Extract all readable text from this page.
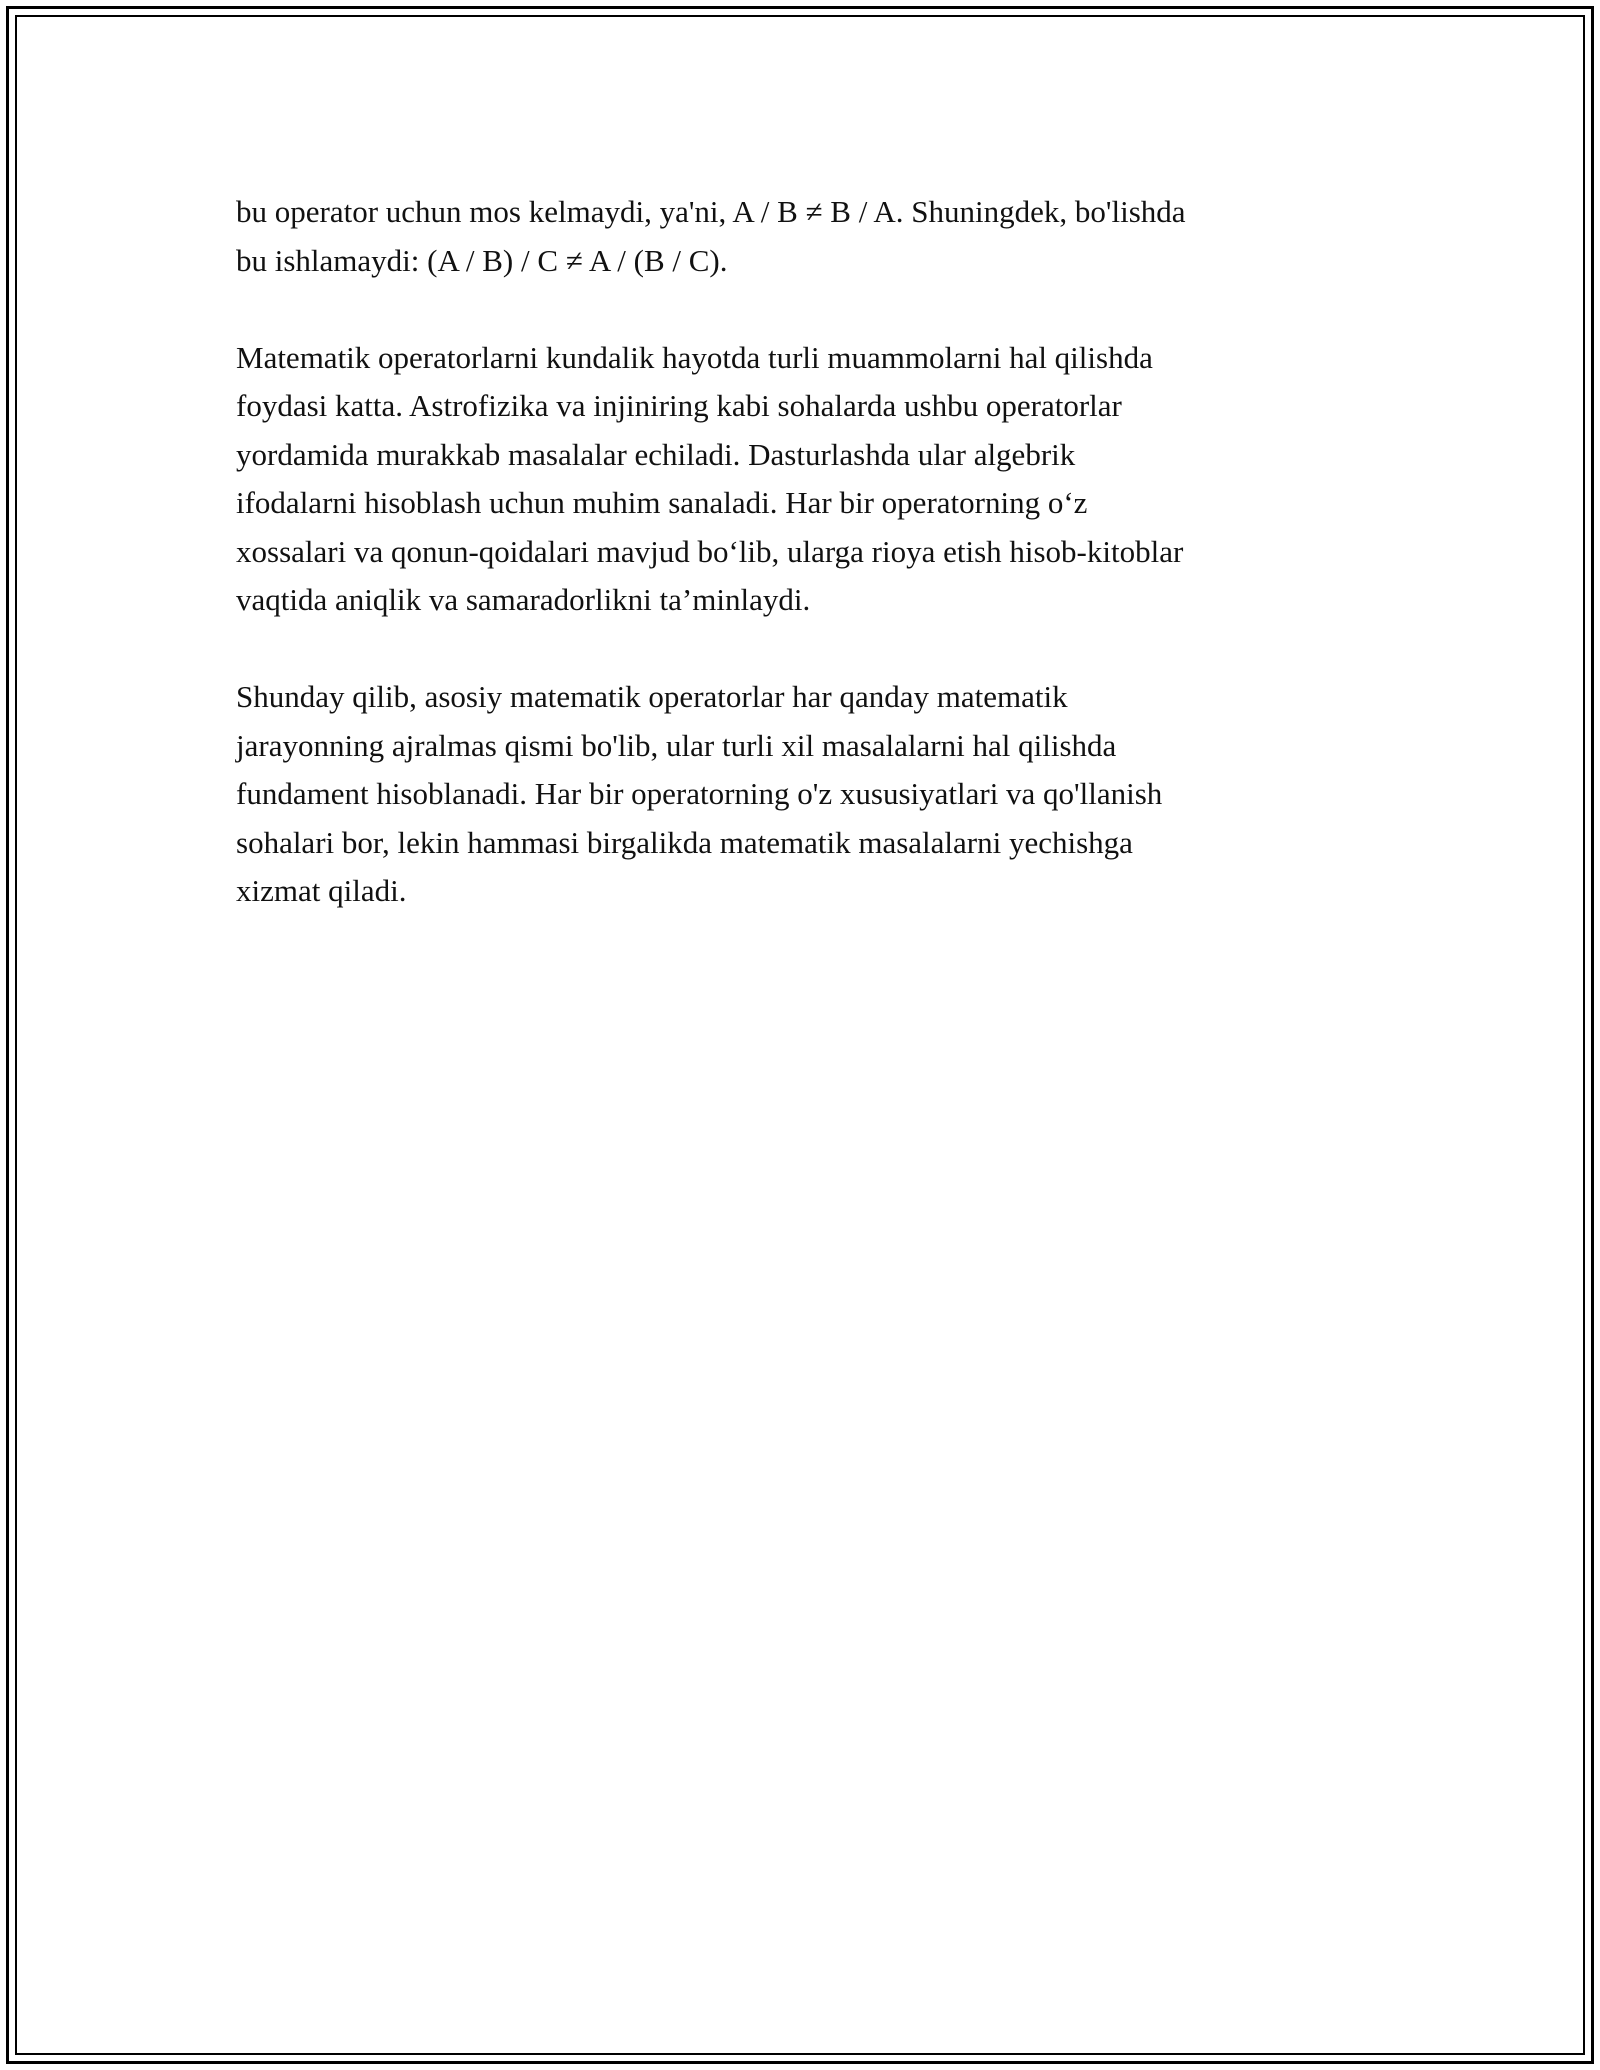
bu operator uchun mos kelmaydi, ya'ni, A / B ≠ B / A. Shuningdek, bo'lishda
bu ishlamaydi: (A / B) / C ≠ A / (B / C).

Matematik operatorlarni kundalik hayotda turli muammolarni hal qilishda
foydasi katta. Astrofizika va injiniring kabi sohalarda ushbu operatorlar
yordamida murakkab masalalar echiladi. Dasturlashda ular algebrik
ifodalarni hisoblash uchun muhim sanaladi. Har bir operatorning o‘z
xossalari va qonun-qoidalari mavjud bo‘lib, ularga rioya etish hisob-kitoblar
vaqtida aniqlik va samaradorlikni ta’minlaydi.

Shunday qilib, asosiy matematik operatorlar har qanday matematik
jarayonning ajralmas qismi bo'lib, ular turli xil masalalarni hal qilishda
fundament hisoblanadi. Har bir operatorning o'z xususiyatlari va qo'llanish
sohalari bor, lekin hammasi birgalikda matematik masalalarni yechishga
xizmat qiladi.
